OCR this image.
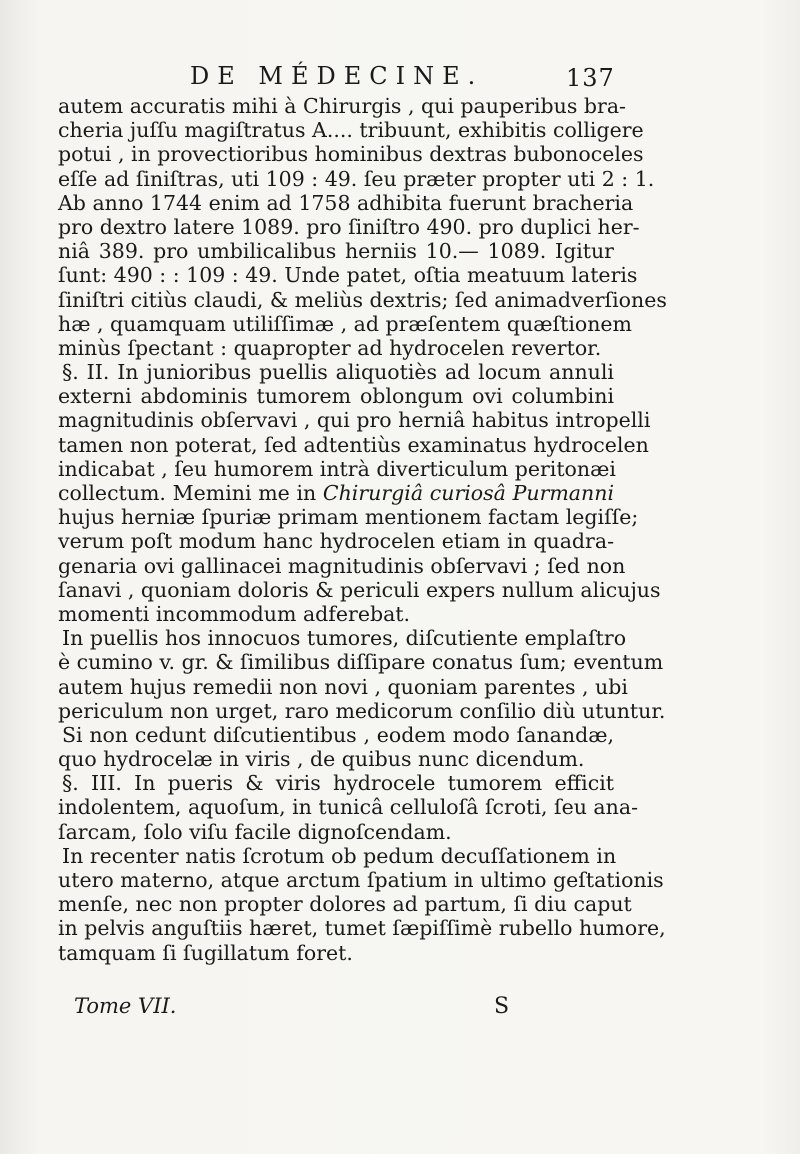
DE MÉDECINE.	137
autem accuratis mihi à Chirurgis , qui pauperibus bra-
cheria juſſu magiſtratus A.... tribuunt, exhibitis colligere
potui , in provectioribus hominibus dextras bubonoceles
eſſe ad ſiniſtras, uti 109 : 49. ſeu præter propter uti 2 : 1.
Ab anno 1744 enim ad 1758 adhibita fuerunt bracheria
pro dextro latere 1089. pro ſiniſtro 490. pro duplici her-
niâ 389. pro umbilicalibus herniis 10.— 1089. Igitur
ſunt: 490 : : 109 : 49. Unde patet, oſtia meatuum lateris
ſiniſtri citiùs claudi, & meliùs dextris; ſed animadverſiones
hæ , quamquam utiliſſimæ , ad præſentem quæſtionem
minùs ſpectant : quapropter ad hydrocelen revertor.
§. II. In junioribus puellis aliquotiès ad locum annuli
externi abdominis tumorem oblongum ovi columbini
magnitudinis obſervavi , qui pro herniâ habitus intropelli
tamen non poterat, ſed adtentiùs examinatus hydrocelen
indicabat , ſeu humorem intrà diverticulum peritonæi
collectum. Memini me in Chirurgiâ curiosâ Purmanni
hujus herniæ ſpuriæ primam mentionem factam legiſſe;
verum poſt modum hanc hydrocelen etiam in quadra-
genaria ovi gallinacei magnitudinis obſervavi ; ſed non
ſanavi , quoniam doloris & periculi expers nullum alicujus
momenti incommodum adferebat.
In puellis hos innocuos tumores, diſcutiente emplaſtro
è cumino v. gr. & ſimilibus diſſipare conatus ſum; eventum
autem hujus remedii non novi , quoniam parentes , ubi
periculum non urget, raro medicorum conſilio diù utuntur.
Si non cedunt diſcutientibus , eodem modo ſanandæ,
quo hydrocelæ in viris , de quibus nunc dicendum.
§. III. In pueris & viris hydrocele tumorem efficit
indolentem, aquoſum, in tunicâ celluloſâ ſcroti, ſeu ana-
ſarcam, ſolo viſu facile dignoſcendam.
In recenter natis ſcrotum ob pedum decuſſationem in
utero materno, atque arctum ſpatium in ultimo geſtationis
menſe, nec non propter dolores ad partum, ſi diu caput
in pelvis anguſtiis hæret, tumet ſæpiſſimè rubello humore,
tamquam ſi ſugillatum foret.
Tome VII.	S
